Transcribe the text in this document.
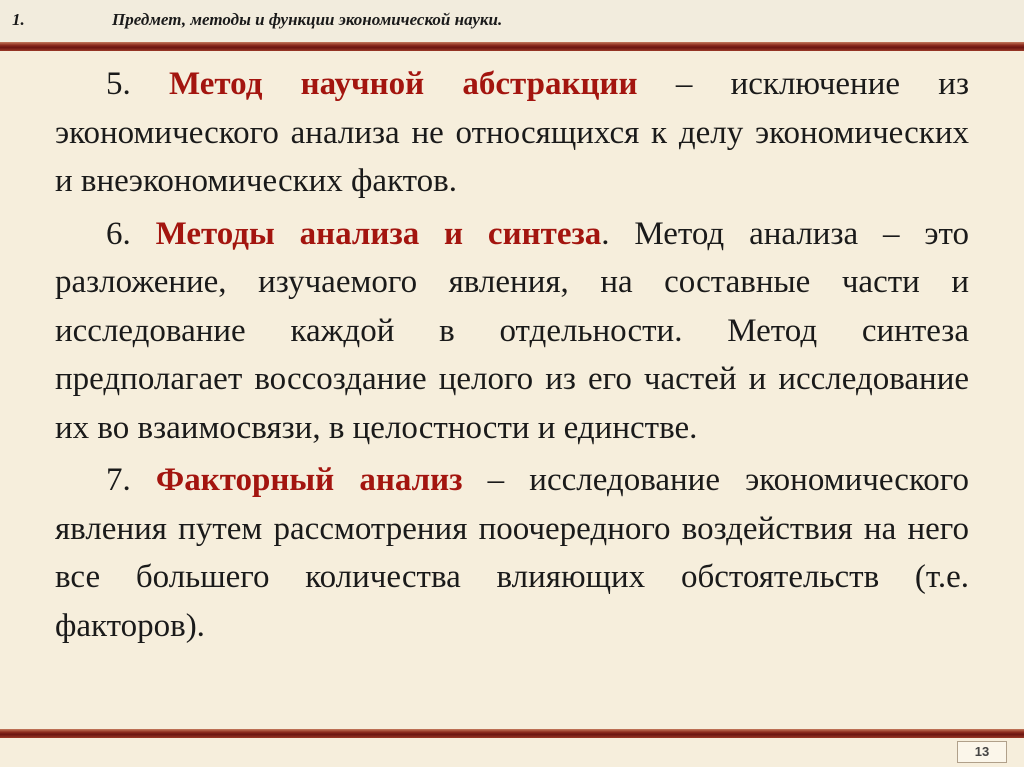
1.	Предмет, методы и функции экономической науки.

5. Метод научной абстракции – исключение из экономического анализа не относящихся к делу экономических и внеэкономических фактов.

6. Методы анализа и синтеза. Метод анализа – это разложение, изучаемого явления, на составные части и исследование каждой в отдельности. Метод синтеза предполагает воссоздание целого из его частей и исследование их во взаимосвязи, в целостности и единстве.

7. Факторный анализ – исследование экономического явления путем рассмотрения поочередного воздействия на него все большего количества влияющих обстоятельств (т.е. факторов).

13
